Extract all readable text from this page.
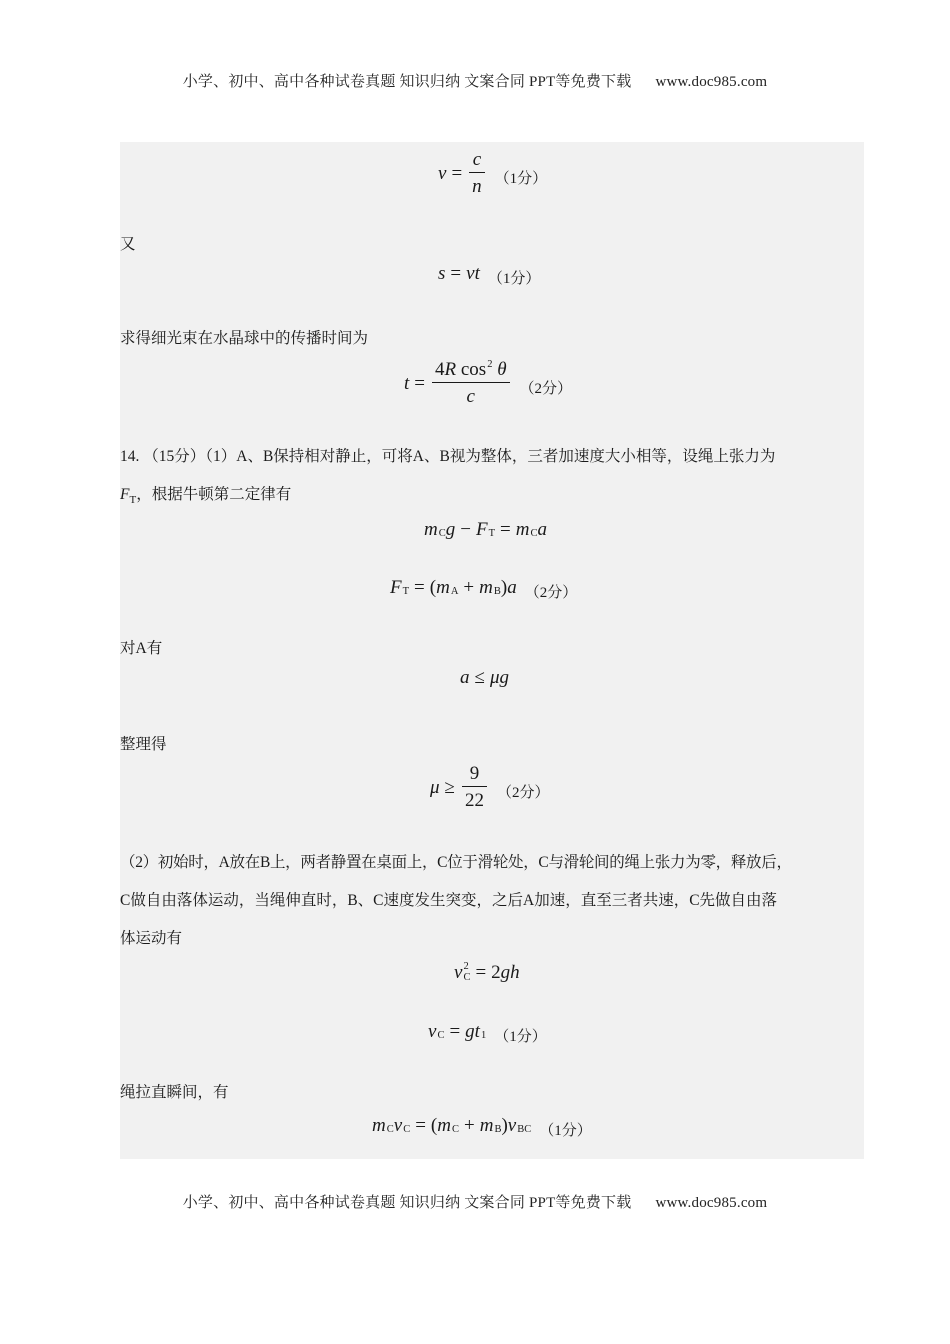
小学、初中、高中各种试卷真题 知识归纳 文案合同 PPT等免费下载 www.doc985.com
$v = \frac{c}{n} (1$分）
又
s = v t （1分）
求得细光束在水晶球中的传播时间为
$t = \frac{4R \cos^2 \theta}{c} (2$分）
14. （15分）（1）A、B保持相对静止，可将A、B视为整体，三者加速度大小相等，设绳上张力为
$F_T$，根据牛顿第二定律有
m C g − F T = m C a
F T = ( m A + m B ) a （2分）
对A有
a ≤ μ g
整理得
$\mu \ge \frac{9}{22} (2$分）
（2）初始时，A放在B上，两者静置在桌面上，C位于滑轮处，C与滑轮间的绳上张力为零，释放后，
C做自由落体运动，当绳伸直时，B、C速度发生突变，之后A加速，直至三者共速，C先做自由落
体运动有
v 2
C = 2 g h
v C = g t 1 （1分）
绳拉直瞬间，有
m C v C = ( m C + m B ) v BC （1分）
小学、初中、高中各种试卷真题 知识归纳 文案合同 PPT等免费下载 www.doc985.com
